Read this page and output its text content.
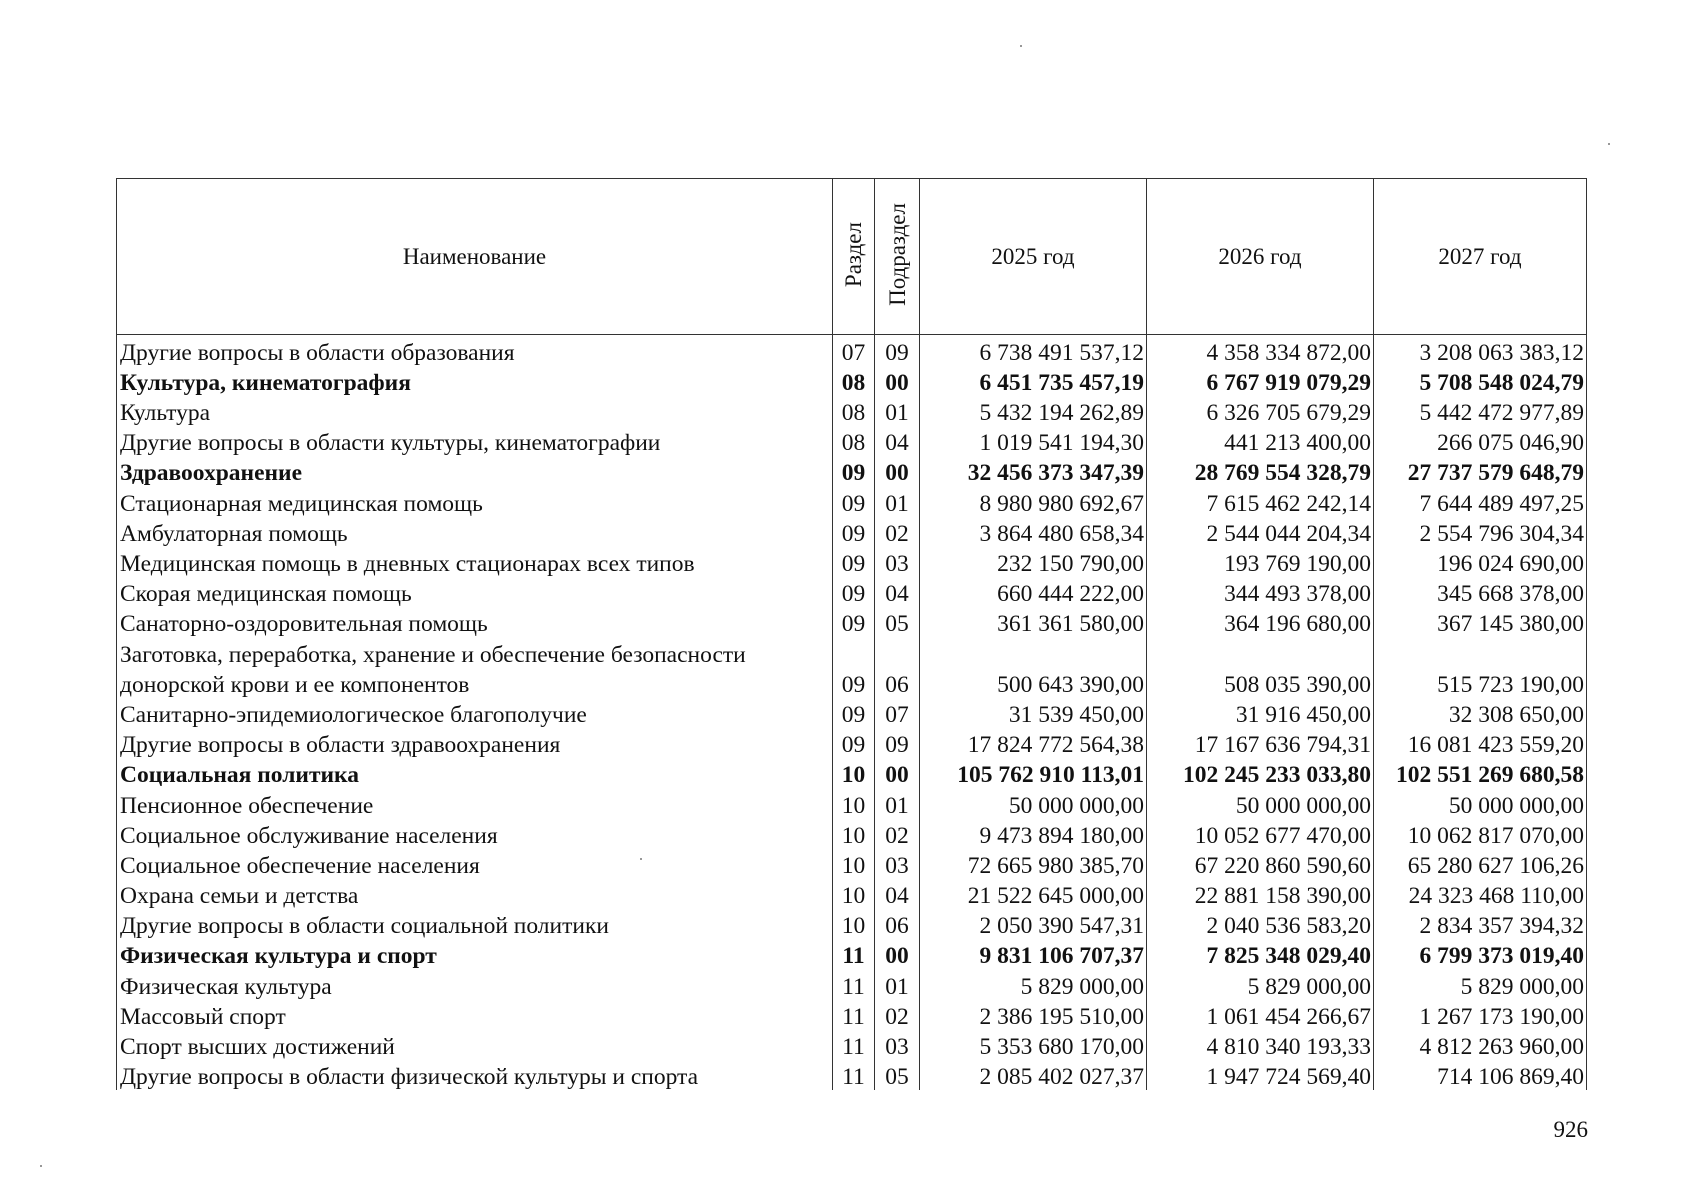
Наименование	Раздел	Подраздел	2025 год	2026 год	2027 год
Другие вопросы в области образования	07	09	6 738 491 537,12	4 358 334 872,00	3 208 063 383,12
Культура, кинематография	08	00	6 451 735 457,19	6 767 919 079,29	5 708 548 024,79
Культура	08	01	5 432 194 262,89	6 326 705 679,29	5 442 472 977,89
Другие вопросы в области культуры, кинематографии	08	04	1 019 541 194,30	441 213 400,00	266 075 046,90
Здравоохранение	09	00	32 456 373 347,39	28 769 554 328,79	27 737 579 648,79
Стационарная медицинская помощь	09	01	8 980 980 692,67	7 615 462 242,14	7 644 489 497,25
Амбулаторная помощь	09	02	3 864 480 658,34	2 544 044 204,34	2 554 796 304,34
Медицинская помощь в дневных стационарах всех типов	09	03	232 150 790,00	193 769 190,00	196 024 690,00
Скорая медицинская помощь	09	04	660 444 222,00	344 493 378,00	345 668 378,00
Санаторно-оздоровительная помощь	09	05	361 361 580,00	364 196 680,00	367 145 380,00
Заготовка, переработка, хранение и обеспечение безопасности					
донорской крови и ее компонентов	09	06	500 643 390,00	508 035 390,00	515 723 190,00
Санитарно-эпидемиологическое благополучие	09	07	31 539 450,00	31 916 450,00	32 308 650,00
Другие вопросы в области здравоохранения	09	09	17 824 772 564,38	17 167 636 794,31	16 081 423 559,20
Социальная политика	10	00	105 762 910 113,01	102 245 233 033,80	102 551 269 680,58
Пенсионное обеспечение	10	01	50 000 000,00	50 000 000,00	50 000 000,00
Социальное обслуживание населения	10	02	9 473 894 180,00	10 052 677 470,00	10 062 817 070,00
Социальное обеспечение населения	10	03	72 665 980 385,70	67 220 860 590,60	65 280 627 106,26
Охрана семьи и детства	10	04	21 522 645 000,00	22 881 158 390,00	24 323 468 110,00
Другие вопросы в области социальной политики	10	06	2 050 390 547,31	2 040 536 583,20	2 834 357 394,32
Физическая культура и спорт	11	00	9 831 106 707,37	7 825 348 029,40	6 799 373 019,40
Физическая культура	11	01	5 829 000,00	5 829 000,00	5 829 000,00
Массовый спорт	11	02	2 386 195 510,00	1 061 454 266,67	1 267 173 190,00
Спорт высших достижений	11	03	5 353 680 170,00	4 810 340 193,33	4 812 263 960,00
Другие вопросы в области физической культуры и спорта	11	05	2 085 402 027,37	1 947 724 569,40	714 106 869,40
926
